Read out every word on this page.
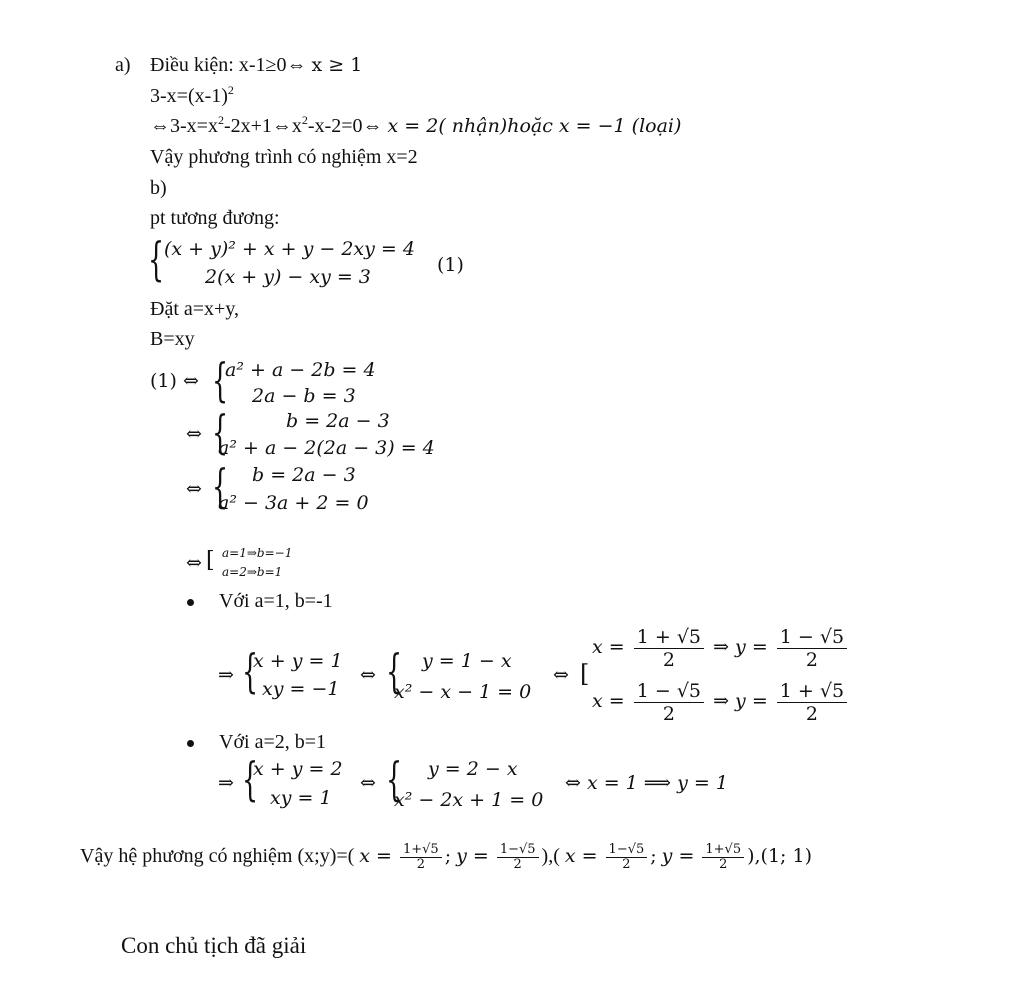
a) Điều kiện: x-1≥0⇔ x ≥ 1
$3-x=(x-1)^2$
$\Leftrightarrow 3-x=x^2-2x+1\Leftrightarrow x^2-x-2=0\Leftrightarrow$ x = 2( nhận)hoặc x = −1 (loại)
Vậy phương trình có nghiệm x=2
b)
pt tương đương:
{ (x + y)² + x + y − 2xy = 4
2(x + y) − xy = 3
(1)
Đặt a=x+y,
B=xy
(1) ⇔ {
a² + a − 2b = 4
2a − b = 3
⇔ {	b = 2a − 3
a² + a − 2(2a − 3) = 4
⇔ { b = 2a − 3
a² − 3a + 2 = 0
⇔ [ a=1⇒b=−1
a=2⇒b=1
Với a=1, b=-1
⇒ {
x + y = 1
xy = −1
⇔ { y = 1 − x
x² − x − 1 = 0
⇔ [
$x = \frac{1 + √5}{2}$ ⇒ $y = \frac{1 - √5}{2}$
$x = \frac{1 - √5}{2}$ ⇒ $y = \frac{1 + √5}{2}$
Với a=2, b=1
⇒ {
x + y = 2
xy = 1
⇔ { y = 2 − x
x² − 2x + 1 = 0
⇔ x = 1 ⟹ y = 1
Vậy hệ phương có nghiệm (x;y)=( $x = \frac{1+√5}{2}$ ; $y = \frac{1-√5}{2}$ ),( $x = \frac{1-√5}{2}$ ; $y = \frac{1+√5}{2} ),(1$; 1)
Con chủ tịch đã giải
